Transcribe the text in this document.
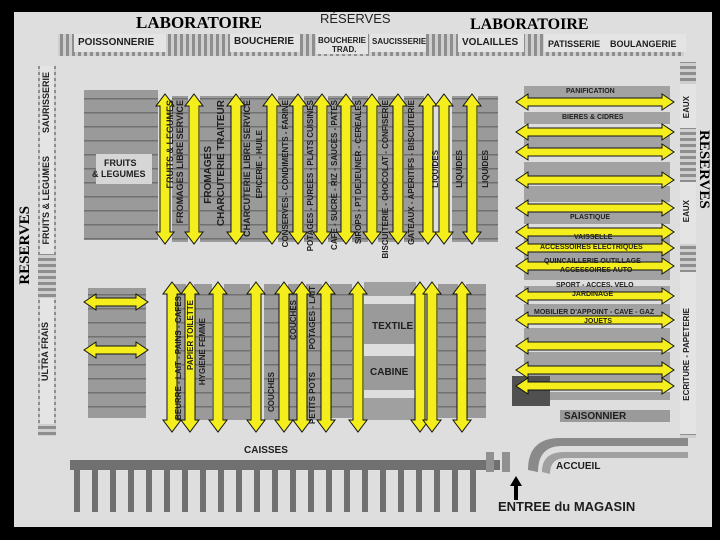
LABORATOIRE	RÉSERVES	LABORATOIRE
RESERVES
RESERVES
POISSONNERIE	BOUCHERIE	BOUCHERIE
TRAD.
SAUCISSERIE	VOLAILLES	PATISSERIE BOULANGERIE
SAURISSERIE
FRUITS & LEGUMES
ULTRA FRAIS
EAUX
EAUX
ECRITURE - PAPETERIE
FRUITS
& LEGUMES
TEXTILE
CABINE
SAISONNIER
CAISSES
ACCUEIL
ENTREE du MAGASIN
FRUITS & LEGUMES FROMAGES LIBRE SERVICE FROMAGES CHARCUTERIE TRAITEUR CHARCUTERIE LIBRE SERVICE EPICERIE - HUILE CONSERVES - CONDIMENTS - FARINE POTAGES - PUREES - PLATS CUISINES CAFE - SUCRE - RIZ - SAUCES - PATES SIROPS - PT DEJEUNER - CEREALES BISCUITERIE - CHOCOLAT - CONFISERIE GATEAUX - APERITIFS - BISCUITERIE LIQUIDES LIQUIDES LIQUIDES
BEURRE - LAIT - PAINS - CAFES PAPIER TOILETTE HYGIENE FEMME
COUCHES
COUCHES
PETITS POTS
POTAGES - LAIT
PANIFICATION
BIERES & CIDRES
PLASTIQUE
VAISSELLE
ACCESSOIRES ELECTRIQUES
QUINCAILLERIE OUTILLAGE
ACCESSOIRES AUTO
SPORT - ACCES. VELO
JARDINAGE
MOBILIER D'APPOINT - CAVE - GAZ
JOUETS
